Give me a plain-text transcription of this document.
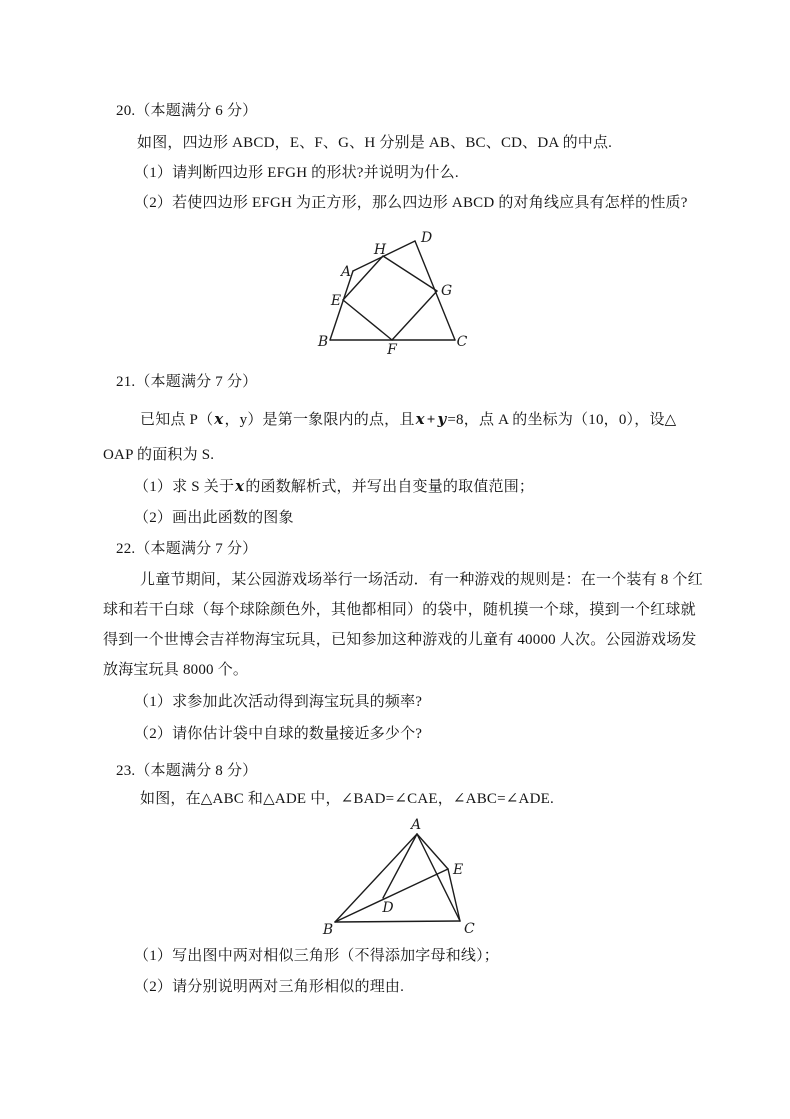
20.（本题满分 6 分）
如图，四边形 ABCD，E、F、G、H 分别是 AB、BC、CD、DA 的中点.
（1）请判断四边形 EFGH 的形状?并说明为什么.
（2）若使四边形 EFGH 为正方形，那么四边形 ABCD 的对角线应具有怎样的性质?
A
B	C
D
E
F
G
H
21.（本题满分 7 分）
已知点 P（x，y）是第一象限内的点，且x + y=8，点 A 的坐标为（10，0），设△
OAP 的面积为 S.
（1）求 S 关于x的函数解析式，并写出自变量的取值范围；
（2）画出此函数的图象
22.（本题满分 7 分）
儿童节期间，某公园游戏场举行一场活动．有一种游戏的规则是：在一个装有 8 个红
球和若干白球（每个球除颜色外，其他都相同）的袋中，随机摸一个球，摸到一个红球就
得到一个世博会吉祥物海宝玩具，已知参加这种游戏的儿童有 40000 人次。公园游戏场发
放海宝玩具 8000 个。
（1）求参加此次活动得到海宝玩具的频率?
（2）请你估计袋中自球的数量接近多少个?
23.（本题满分 8 分）
如图，在△ABC 和△ADE 中，∠BAD=∠CAE，∠ABC=∠ADE.
A
B	C
D
E
（1）写出图中两对相似三角形（不得添加字母和线）；
（2）请分别说明两对三角形相似的理由.
